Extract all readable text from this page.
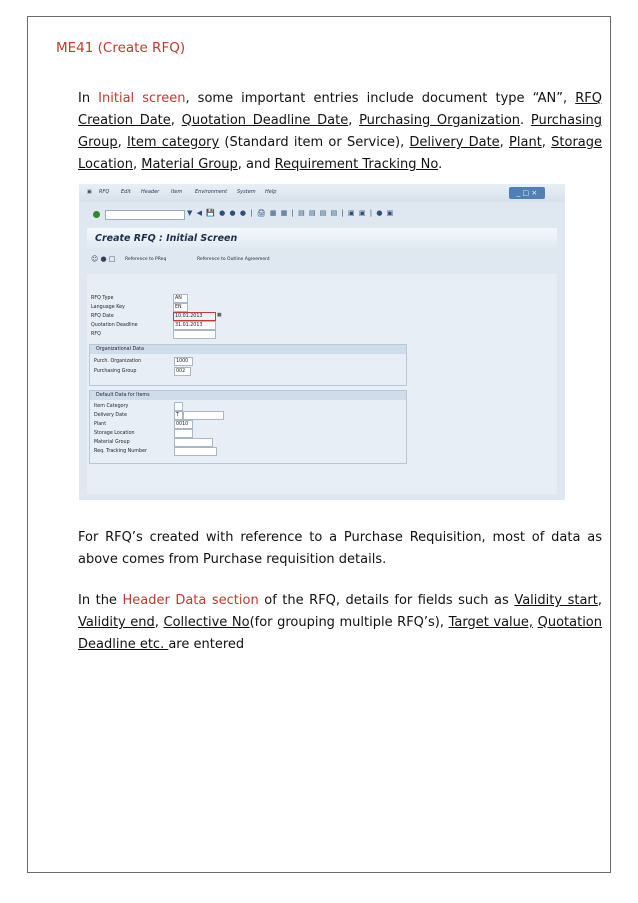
ME41 (Create RFQ)
In Initial screen, some important entries include document type “AN”, RFQ Creation Date, Quotation Deadline Date, Purchasing Organization. Purchasing Group, Item category (Standard item or Service), Delivery Date, Plant, Storage Location, Material Group, and Requirement Tracking No.
▣ RFQ Edit Header Item	Environment System Help	_ □ ×
▼ ◀ 💾 ● ● ● | 🖨 ▦ ▦ | ▤ ▤ ▤ ▤ | ▣ ▣ | ● ▣
Create RFQ : Initial Screen
☺ ● □ Reference to PReq	Reference to Outline Agreement
RFQ Type	AN
Language Key	EN
RFQ Date	10.01.2013	▦
Quotation Deadline	31.01.2013
RFQ
Organizational Data
Purch. Organization	1000
Purchasing Group	002
Default Data for Items
Item Category
Delivery Date	T
Plant	0010
Storage Location
Material Group
Req. Tracking Number
For RFQ’s created with reference to a Purchase Requisition, most of data as above comes from Purchase requisition details.
In the Header Data section of the RFQ, details for fields such as Validity start, Validity end, Collective No(for grouping multiple RFQ’s), Target value, Quotation Deadline etc. are entered
